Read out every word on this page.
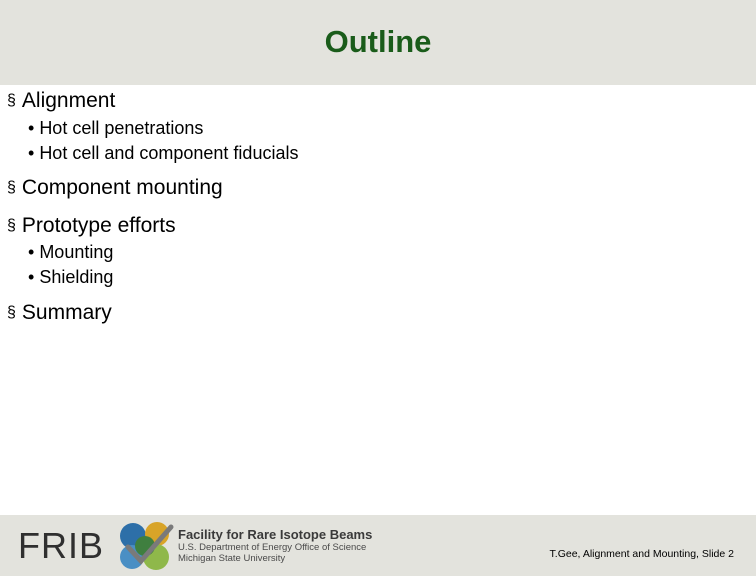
Outline
§ Alignment
• Hot cell penetrations
• Hot cell and component fiducials
§ Component mounting
§ Prototype efforts
• Mounting
• Shielding
§ Summary
FRIB	Facility for Rare Isotope Beams
U.S. Department of Energy Office of Science
Michigan State University	T.Gee, Alignment and Mounting, Slide 2
